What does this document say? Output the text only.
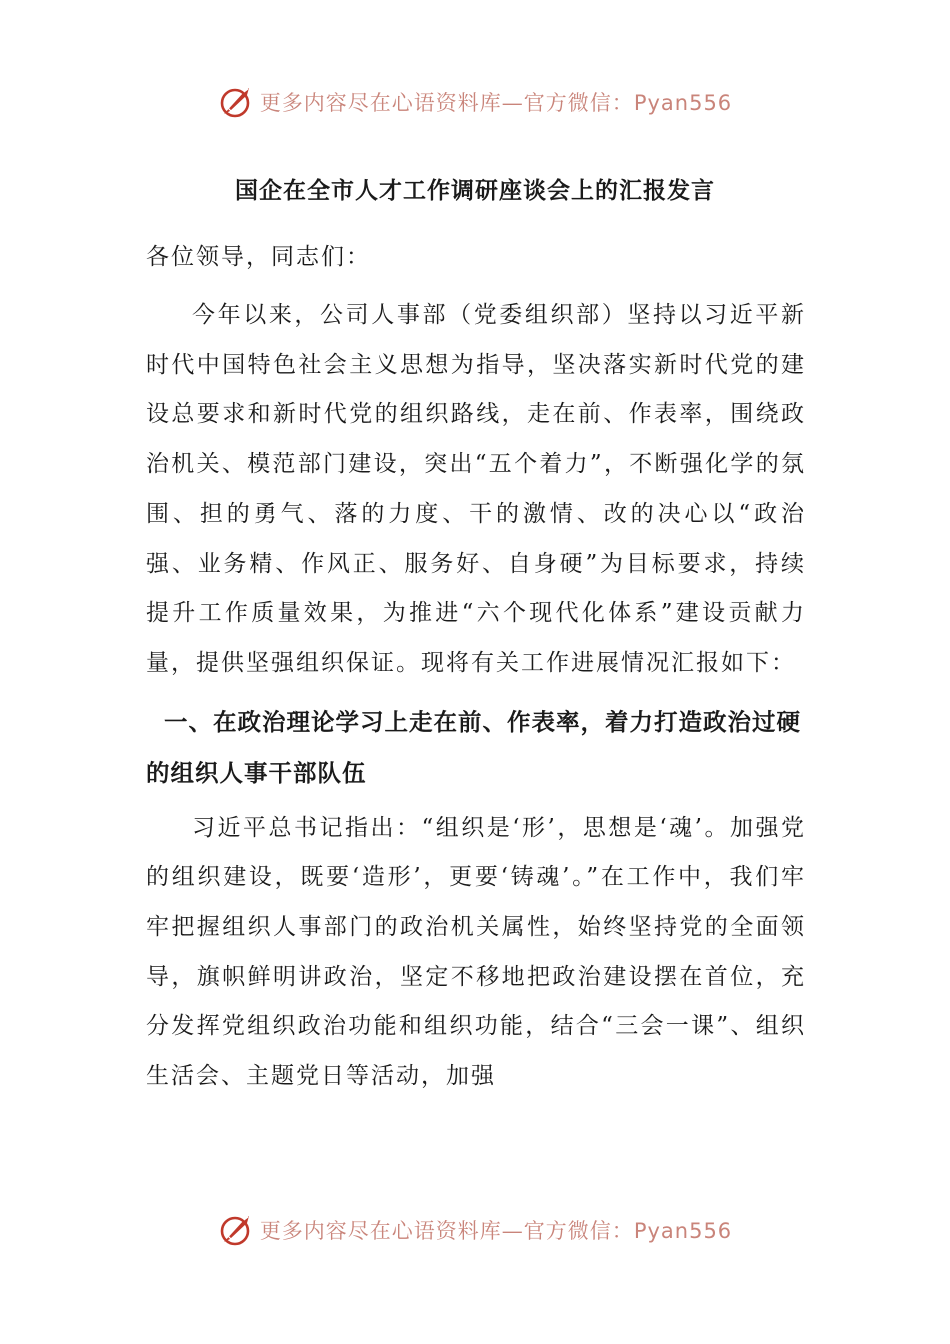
更多内容尽在心语资料库—官方微信：Pyan556
国企在全市人才工作调研座谈会上的汇报发言

各位领导，同志们：

今年以来，公司人事部（党委组织部）坚持以习近平新时代中国特色社会主义思想为指导，坚决落实新时代党的建设总要求和新时代党的组织路线，走在前、作表率，围绕政治机关、模范部门建设，突出“五个着力”，不断强化学的氛围、担的勇气、落的力度、干的激情、改的决心以“政治强、业务精、作风正、服务好、自身硬”为目标要求，持续提升工作质量效果，为推进“六个现代化体系”建设贡献力量，提供坚强组织保证。现将有关工作进展情况汇报如下：

一、在政治理论学习上走在前、作表率，着力打造政治过硬的组织人事干部队伍

习近平总书记指出：“组织是‘形’，思想是‘魂’。加强党的组织建设，既要‘造形’，更要‘铸魂’。”在工作中，我们牢牢把握组织人事部门的政治机关属性，始终坚持党的全面领导，旗帜鲜明讲政治，坚定不移地把政治建设摆在首位，充分发挥党组织政治功能和组织功能，结合“三会一课”、组织生活会、主题党日等活动，加强

更多内容尽在心语资料库—官方微信：Pyan556
